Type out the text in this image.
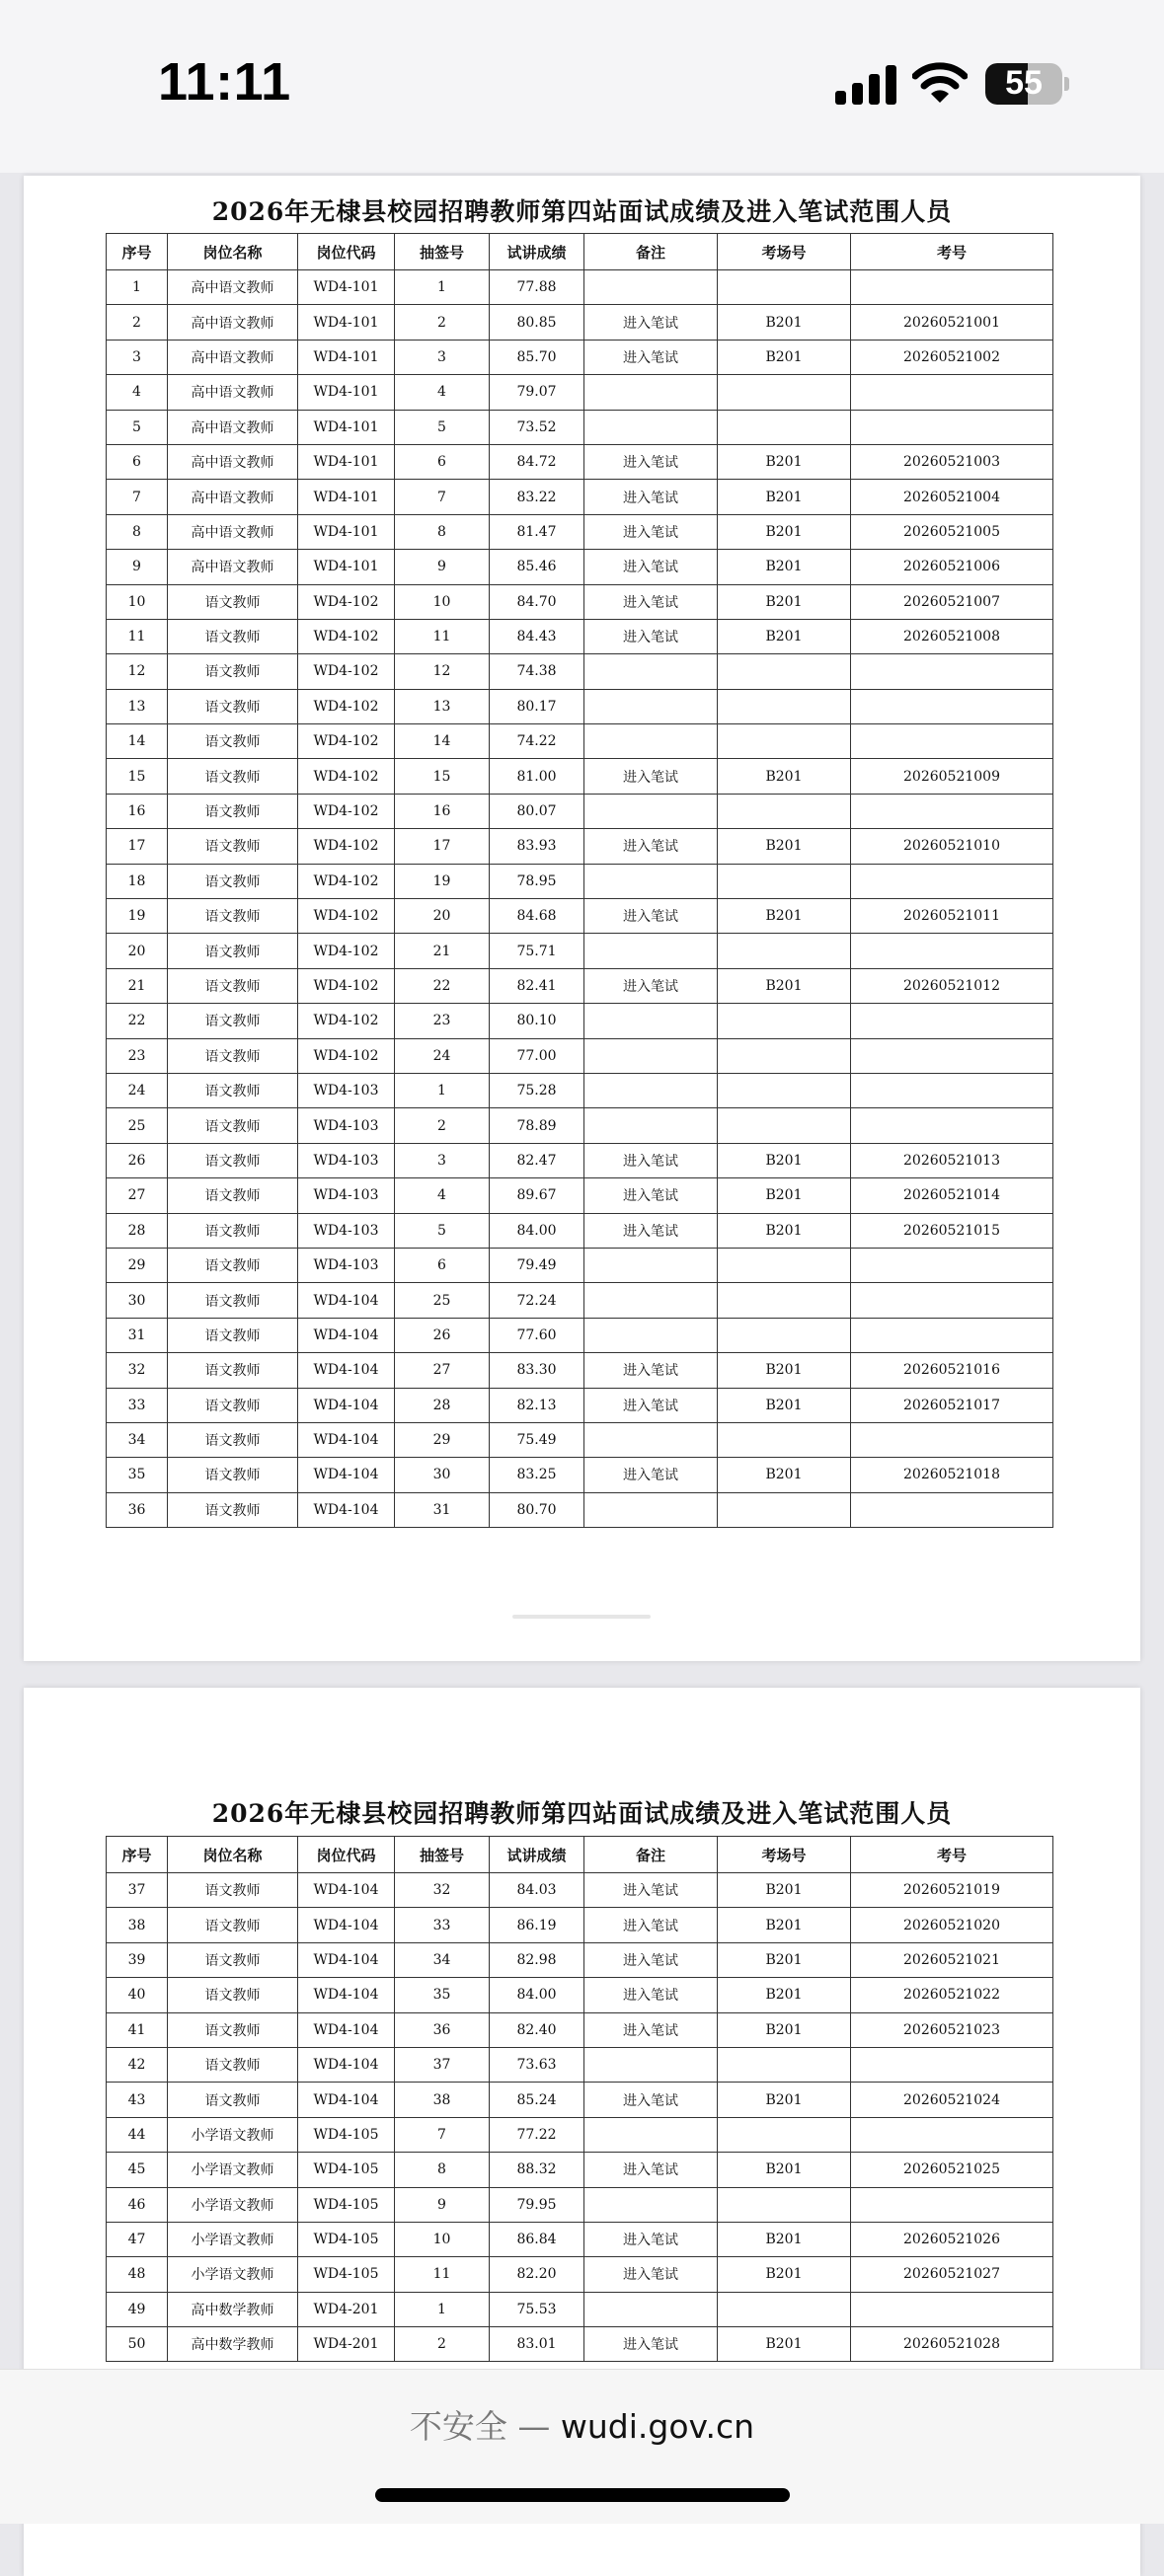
11:11	55
2026年无棣县校园招聘教师第四站面试成绩及进入笔试范围人员
序号	岗位名称	岗位代码	抽签号	试讲成绩	备注	考场号	考号
1	高中语文教师	WD4-101	1	77.88			
2	高中语文教师	WD4-101	2	80.85	进入笔试	B201	20260521001
3	高中语文教师	WD4-101	3	85.70	进入笔试	B201	20260521002
4	高中语文教师	WD4-101	4	79.07			
5	高中语文教师	WD4-101	5	73.52			
6	高中语文教师	WD4-101	6	84.72	进入笔试	B201	20260521003
7	高中语文教师	WD4-101	7	83.22	进入笔试	B201	20260521004
8	高中语文教师	WD4-101	8	81.47	进入笔试	B201	20260521005
9	高中语文教师	WD4-101	9	85.46	进入笔试	B201	20260521006
10	语文教师	WD4-102	10	84.70	进入笔试	B201	20260521007
11	语文教师	WD4-102	11	84.43	进入笔试	B201	20260521008
12	语文教师	WD4-102	12	74.38			
13	语文教师	WD4-102	13	80.17			
14	语文教师	WD4-102	14	74.22			
15	语文教师	WD4-102	15	81.00	进入笔试	B201	20260521009
16	语文教师	WD4-102	16	80.07			
17	语文教师	WD4-102	17	83.93	进入笔试	B201	20260521010
18	语文教师	WD4-102	19	78.95			
19	语文教师	WD4-102	20	84.68	进入笔试	B201	20260521011
20	语文教师	WD4-102	21	75.71			
21	语文教师	WD4-102	22	82.41	进入笔试	B201	20260521012
22	语文教师	WD4-102	23	80.10			
23	语文教师	WD4-102	24	77.00			
24	语文教师	WD4-103	1	75.28			
25	语文教师	WD4-103	2	78.89			
26	语文教师	WD4-103	3	82.47	进入笔试	B201	20260521013
27	语文教师	WD4-103	4	89.67	进入笔试	B201	20260521014
28	语文教师	WD4-103	5	84.00	进入笔试	B201	20260521015
29	语文教师	WD4-103	6	79.49			
30	语文教师	WD4-104	25	72.24			
31	语文教师	WD4-104	26	77.60			
32	语文教师	WD4-104	27	83.30	进入笔试	B201	20260521016
33	语文教师	WD4-104	28	82.13	进入笔试	B201	20260521017
34	语文教师	WD4-104	29	75.49			
35	语文教师	WD4-104	30	83.25	进入笔试	B201	20260521018
36	语文教师	WD4-104	31	80.70			
2026年无棣县校园招聘教师第四站面试成绩及进入笔试范围人员
序号	岗位名称	岗位代码	抽签号	试讲成绩	备注	考场号	考号
37	语文教师	WD4-104	32	84.03	进入笔试	B201	20260521019
38	语文教师	WD4-104	33	86.19	进入笔试	B201	20260521020
39	语文教师	WD4-104	34	82.98	进入笔试	B201	20260521021
40	语文教师	WD4-104	35	84.00	进入笔试	B201	20260521022
41	语文教师	WD4-104	36	82.40	进入笔试	B201	20260521023
42	语文教师	WD4-104	37	73.63			
43	语文教师	WD4-104	38	85.24	进入笔试	B201	20260521024
44	小学语文教师	WD4-105	7	77.22			
45	小学语文教师	WD4-105	8	88.32	进入笔试	B201	20260521025
46	小学语文教师	WD4-105	9	79.95			
47	小学语文教师	WD4-105	10	86.84	进入笔试	B201	20260521026
48	小学语文教师	WD4-105	11	82.20	进入笔试	B201	20260521027
49	高中数学教师	WD4-201	1	75.53			
50	高中数学教师	WD4-201	2	83.01	进入笔试	B201	20260521028
不安全 — wudi.gov.cn
